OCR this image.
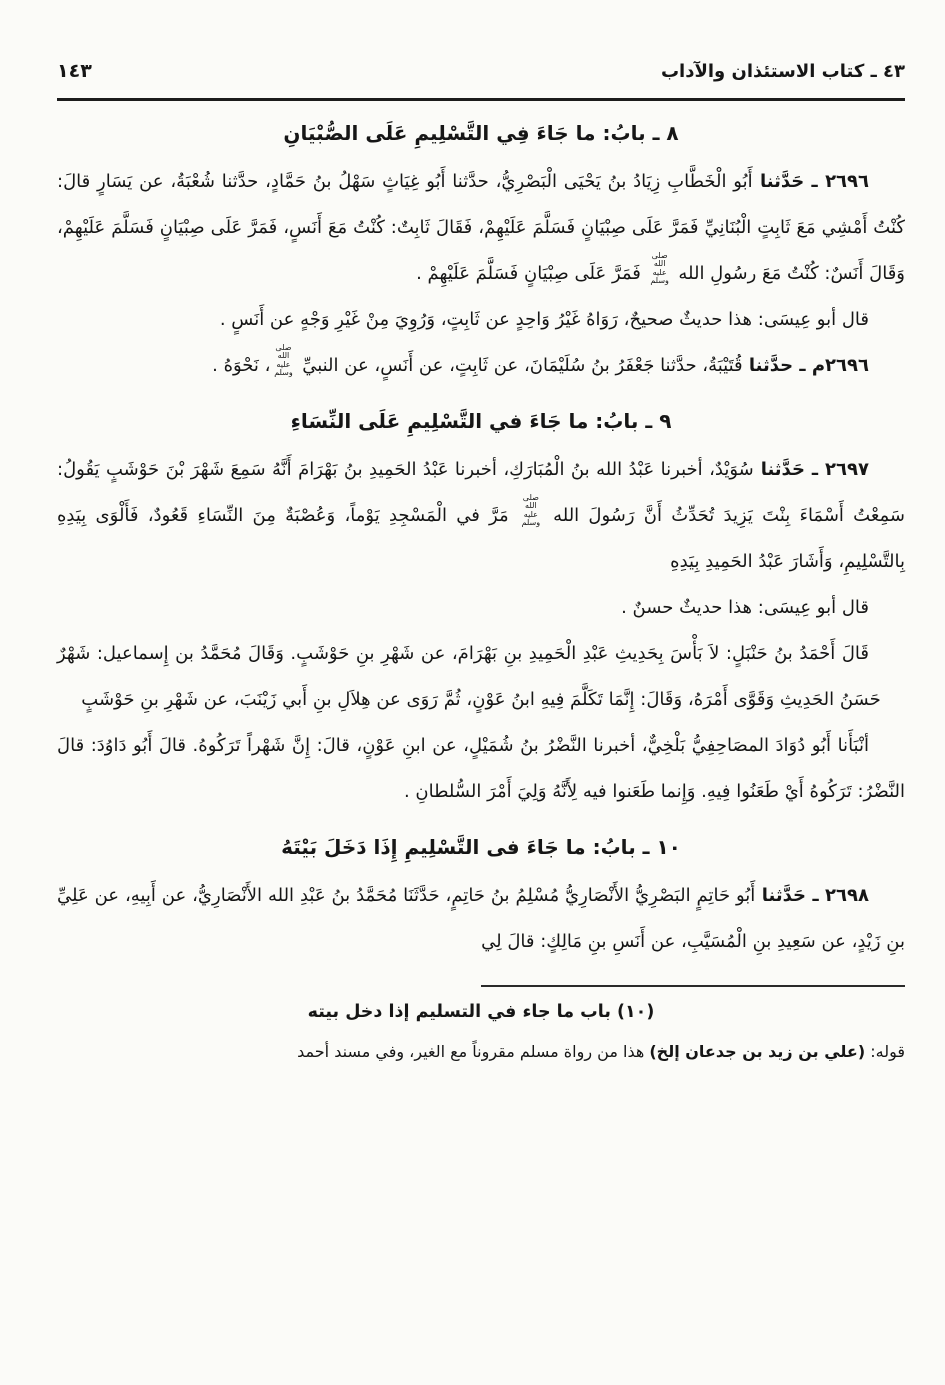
٤٣ ـ كتاب الاستئذان والآداب
١٤٣
٨ ـ بابُ: ما جَاءَ فِي التَّسْلِيمِ عَلَى الصُّبْيَانِ

٢٦٩٦ ـ حَدَّثنا أَبُو الْخَطَّابِ زِيَادُ بنُ يَحْيَى الْبَصْرِيُّ، حدَّثنا أَبُو غِيَاثٍ سَهْلُ بنُ حَمَّادٍ، حدَّثنا شُعْبَةُ، عن يَسَارٍ قالَ: كُنْتُ أَمْشِي مَعَ ثَابِتٍ الْبُنَانِيِّ فَمَرَّ عَلَى صِبْيَانٍ فَسَلَّمَ عَلَيْهِمْ، فَقَالَ ثَابِتٌ: كُنْتُ مَعَ أَنَسٍ، فَمَرَّ عَلَى صِبْيَانٍ فَسَلَّمَ عَلَيْهِمْ، وَقَالَ أَنَسٌ: كُنْتُ مَعَ رسُولِ الله صلى الله عليه وسلم فَمَرَّ عَلَى صِبْيَانٍ فَسَلَّمَ عَلَيْهِمْ .

قال أبو عِيسَى: هذا حديثٌ صحيحٌ، رَوَاهُ غَيْرُ وَاحِدٍ عن ثَابِتٍ، وَرُوِيَ مِنْ غَيْرِ وَجْهٍ عن أَنَسٍ .

٢٦٩٦م ـ حدَّثنا قُتَيْبَةُ، حدَّثنا جَعْفَرُ بنُ سُلَيْمَانَ، عن ثَابِتٍ، عن أَنَسٍ، عن النبيِّ صلى الله عليه وسلم، نَحْوَهُ .

٩ ـ بابُ: ما جَاءَ في التَّسْلِيمِ عَلَى النِّسَاءِ

٢٦٩٧ ـ حَدَّثنا سُوَيْدٌ، أخبرنا عَبْدُ الله بنُ الْمُبَارَكِ، أخبرنا عَبْدُ الحَمِيدِ بنُ بَهْرَامَ أَنَّهُ سَمِعَ شَهْرَ بْنَ حَوْشَبٍ يَقُولُ: سَمِعْتُ أَسْمَاءَ بِنْتَ يَزِيدَ تُحَدِّثُ أَنَّ رَسُولَ الله صلى الله عليه وسلم مَرَّ في الْمَسْجِدِ يَوْماً، وَعُصْبَةٌ مِنَ النِّسَاءِ قَعُودٌ، فَأَلْوَى بِيَدِهِ بِالتَّسْلِيمِ، وَأَشَارَ عَبْدُ الحَمِيدِ بِيَدِهِ

قال أبو عِيسَى: هذا حديثٌ حسنٌ .

قَالَ أَحْمَدُ بنُ حَنْبَلٍ: لاَ بَأْسَ بِحَدِيثِ عَبْدِ الْحَمِيدِ بنِ بَهْرَامَ، عن شَهْرِ بنِ حَوْشَبٍ. وَقَالَ مُحَمَّدُ بن إِسماعيل: شَهْرٌ حَسَنُ الحَدِيثِ وَقَوَّى أَمْرَهُ، وَقَالَ: إِنَّمَا تَكَلَّمَ فِيهِ ابنُ عَوْنٍ، ثُمَّ رَوَى عن هِلاَلِ بنِ أَبي زَيْنَبَ، عن شَهْرِ بنِ حَوْشَبٍ

أنْبَأَنا أَبُو دُوَادَ المصَاحِفِيُّ بَلْخِيٌّ، أخبرنا النَّضْرُ بنُ شُمَيْلٍ، عن ابنِ عَوْنٍ، قالَ: إِنَّ شَهْراً تَرَكُوهُ. قالَ أَبُو دَاوُدَ: قالَ النَّضْرُ: تَرَكُوهُ أَيْ طَعَنُوا فِيهِ. وَإِنما طَعَنوا فيه لِأَنَّهُ وَلِيَ أَمْرَ السُّلطانِ .

١٠ ـ بابُ: ما جَاءَ فى التَّسْلِيمِ إِذَا دَخَلَ بَيْتَهُ

٢٦٩٨ ـ حَدَّثنا أَبُو حَاتِمٍ البَصْرِيُّ الأَنْصَارِيُّ مُسْلِمُ بنُ حَاتِمٍ، حَدَّثَنَا مُحَمَّدُ بنُ عَبْدِ الله الأَنْصَارِيُّ، عن أَبِيهِ، عن عَلِيِّ بنِ زَيْدٍ، عن سَعِيدِ بنِ الْمُسَيَّبِ، عن أَنَسِ بنِ مَالِكٍ: قالَ لِي

(١٠) باب ما جاء في التسليم إذا دخل بيته

قوله: (علي بن زيد بن جدعان إلخ) هذا من رواة مسلم مقروناً مع الغير، وفي مسند أحمد
